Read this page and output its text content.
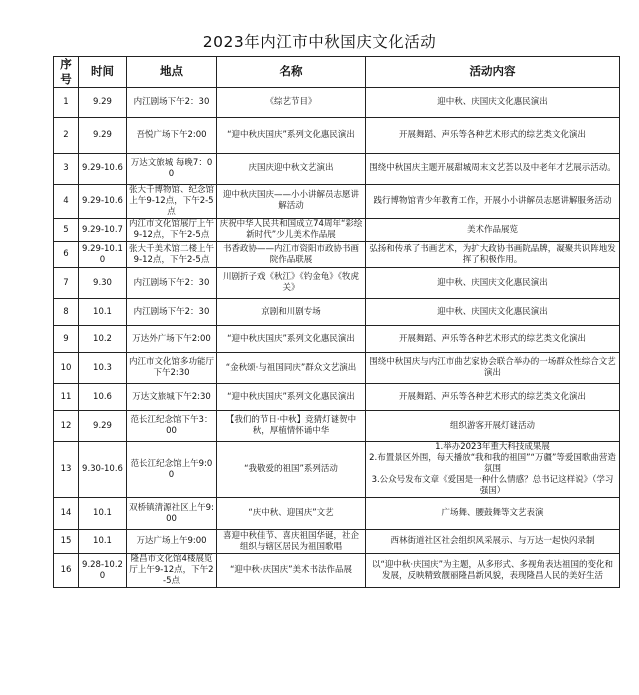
2023年内江市中秋国庆文化活动
序号	时间	地点	名称	活动内容
1	9.29	内江剧场下午2：30	《综艺节目》	迎中秋、庆国庆文化惠民演出
2	9.29	吾悦广场下午2:00	“迎中秋庆国庆”系列文化惠民演出	开展舞蹈、声乐等各种艺术形式的综艺类文化演出
3	9.29-10.6	万达文旅城 每晚7：00	庆国庆迎中秋文艺演出	围绕中秋国庆主题开展甜城周末文艺荟以及中老年才艺展示活动。
4	9.29-10.6	张大千博物馆、纪念馆上午9-12点，下午2-5点	迎中秋庆国庆——小小讲解员志愿讲解活动	践行博物馆青少年教育工作，开展小小讲解员志愿讲解服务活动
5	9.29-10.7	内江市文化馆展厅上午9-12点，下午2-5点	庆祝中华人民共和国成立74周年“彩绘新时代”少儿美术作品展	美术作品展览
6	9.29-10.10	张大千美术馆二楼上午9-12点，下午2-5点	书香政协——内江市资阳市政协书画院作品联展	弘扬和传承了书画艺术，为扩大政协书画院品牌，凝聚共识阵地发挥了积极作用。
7	9.30	内江剧场下午2：30	川剧折子戏《秋江》《钓金龟》《牧虎关》	迎中秋、庆国庆文化惠民演出
8	10.1	内江剧场下午2：30	京剧和川剧专场	迎中秋、庆国庆文化惠民演出
9	10.2	万达外广场下午2:00	“迎中秋庆国庆”系列文化惠民演出	开展舞蹈、声乐等各种艺术形式的综艺类文化演出
10	10.3	内江市文化馆多功能厅下午2:30	“金秋颂·与祖国同庆”群众文艺演出	围绕中秋国庆与内江市曲艺家协会联合举办的一场群众性综合文艺演出
11	10.6	万达文旅城下午2:30	“迎中秋庆国庆”系列文化惠民演出	开展舞蹈、声乐等各种艺术形式的综艺类文化演出
12	9.29	范长江纪念馆下午3：00	【我们的节日·中秋】竞猜灯谜贺中秋，厚植情怀诵中华	组织游客开展灯谜活动
13	9.30-10.6	范长江纪念馆上午9:00	“我敬爱的祖国”系列活动	1.举办2023年重大科技成果展
2.布置景区外围，每天播放“我和我的祖国”“万疆”等爱国歌曲营造氛围
3.公众号发布文章《爱国是一种什么情感？总书记这样说》（学习强国）
14	10.1	双桥镇清源社区上午9:00	“庆中秋、迎国庆”文艺	广场舞、腰鼓舞等文艺表演
15	10.1	万达广场上午9:00	喜迎中秋佳节、喜庆祖国华诞，社企组织与辖区居民为祖国歌唱	西林街道社区社会组织风采展示、与万达一起快闪录制
16	9.28-10.20	隆昌市文化馆4楼展览厅上午9-12点，下午2-5点	“迎中秋·庆国庆”美术书法作品展	以“迎中秋·庆国庆”为主题，从多形式、多视角表达祖国的变化和发展，反映精致靓丽隆昌新风貌，表现隆昌人民的美好生活
